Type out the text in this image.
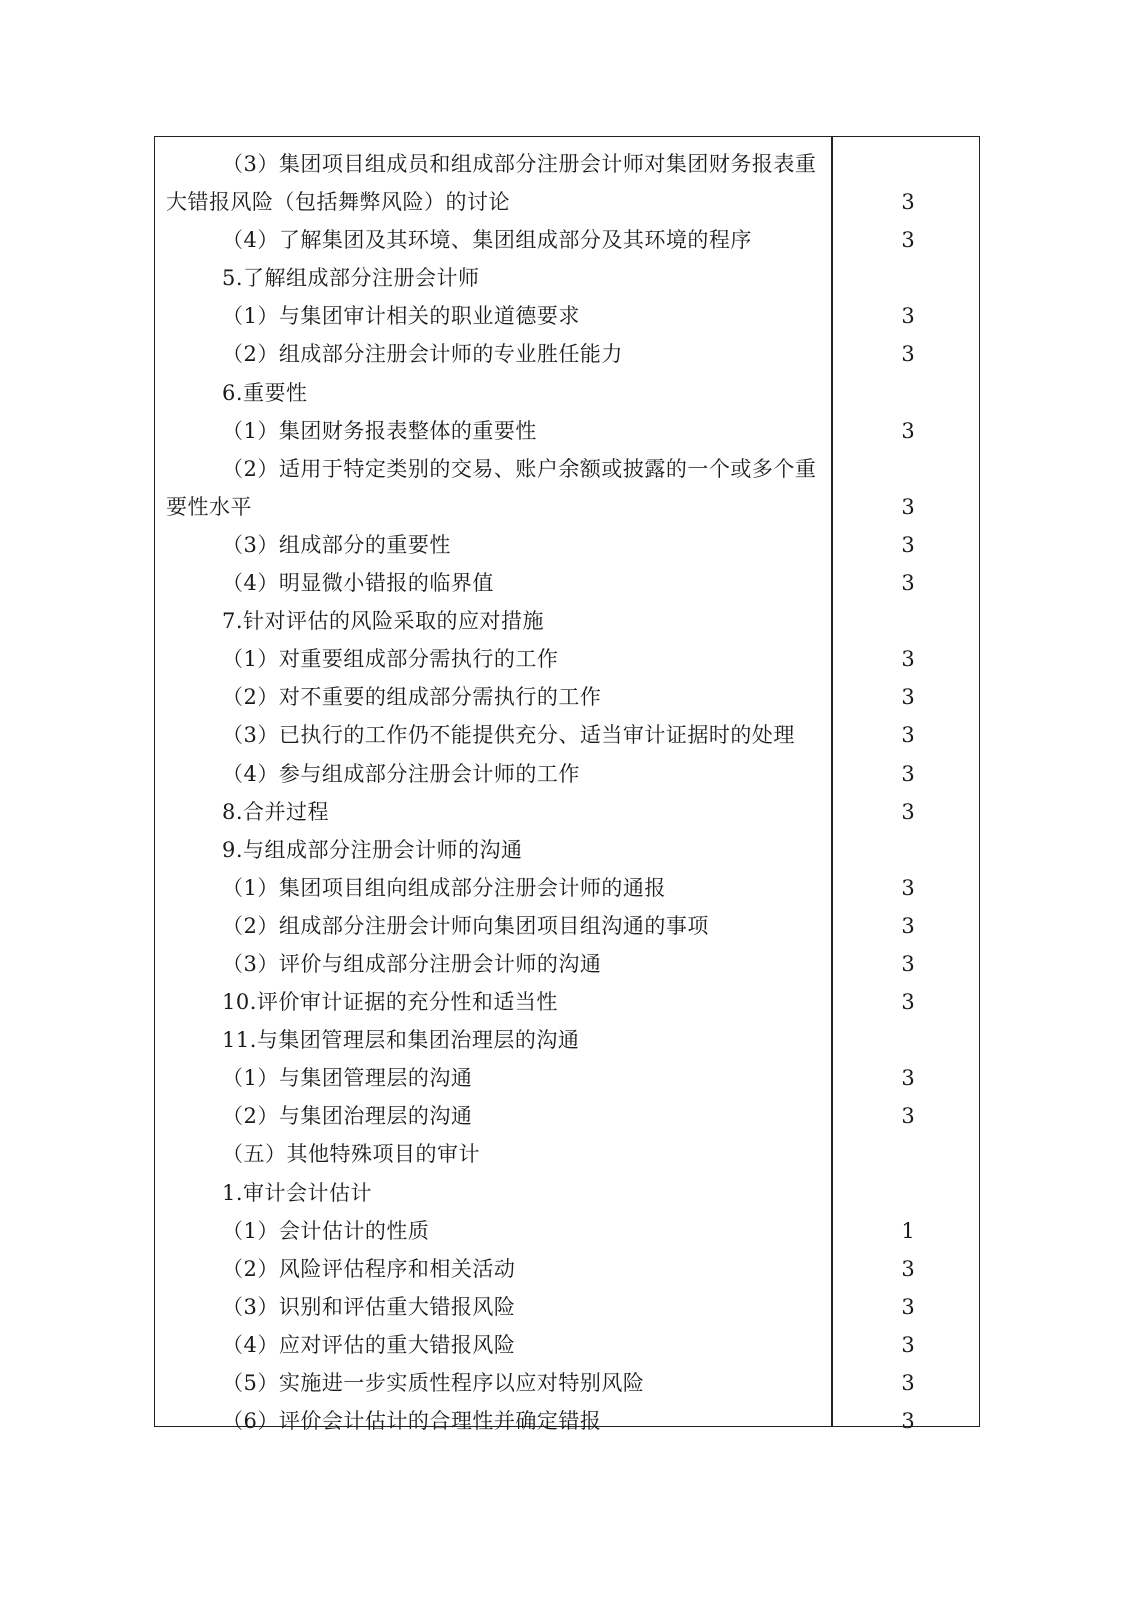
（3）集团项目组成员和组成部分注册会计师对集团财务报表重大错报风险（包括舞弊风险）的讨论	3
（4）了解集团及其环境、集团组成部分及其环境的程序	3
5.了解组成部分注册会计师
（1）与集团审计相关的职业道德要求	3
（2）组成部分注册会计师的专业胜任能力	3
6.重要性
（1）集团财务报表整体的重要性	3
（2）适用于特定类别的交易、账户余额或披露的一个或多个重要性水平	3
（3）组成部分的重要性	3
（4）明显微小错报的临界值	3
7.针对评估的风险采取的应对措施
（1）对重要组成部分需执行的工作	3
（2）对不重要的组成部分需执行的工作	3
（3）已执行的工作仍不能提供充分、适当审计证据时的处理	3
（4）参与组成部分注册会计师的工作	3
8.合并过程	3
9.与组成部分注册会计师的沟通
（1）集团项目组向组成部分注册会计师的通报	3
（2）组成部分注册会计师向集团项目组沟通的事项	3
（3）评价与组成部分注册会计师的沟通	3
10.评价审计证据的充分性和适当性	3
11.与集团管理层和集团治理层的沟通
（1）与集团管理层的沟通	3
（2）与集团治理层的沟通	3
（五）其他特殊项目的审计
1.审计会计估计
（1）会计估计的性质	1
（2）风险评估程序和相关活动	3
（3）识别和评估重大错报风险	3
（4）应对评估的重大错报风险	3
（5）实施进一步实质性程序以应对特别风险	3
（6）评价会计估计的合理性并确定错报	3
